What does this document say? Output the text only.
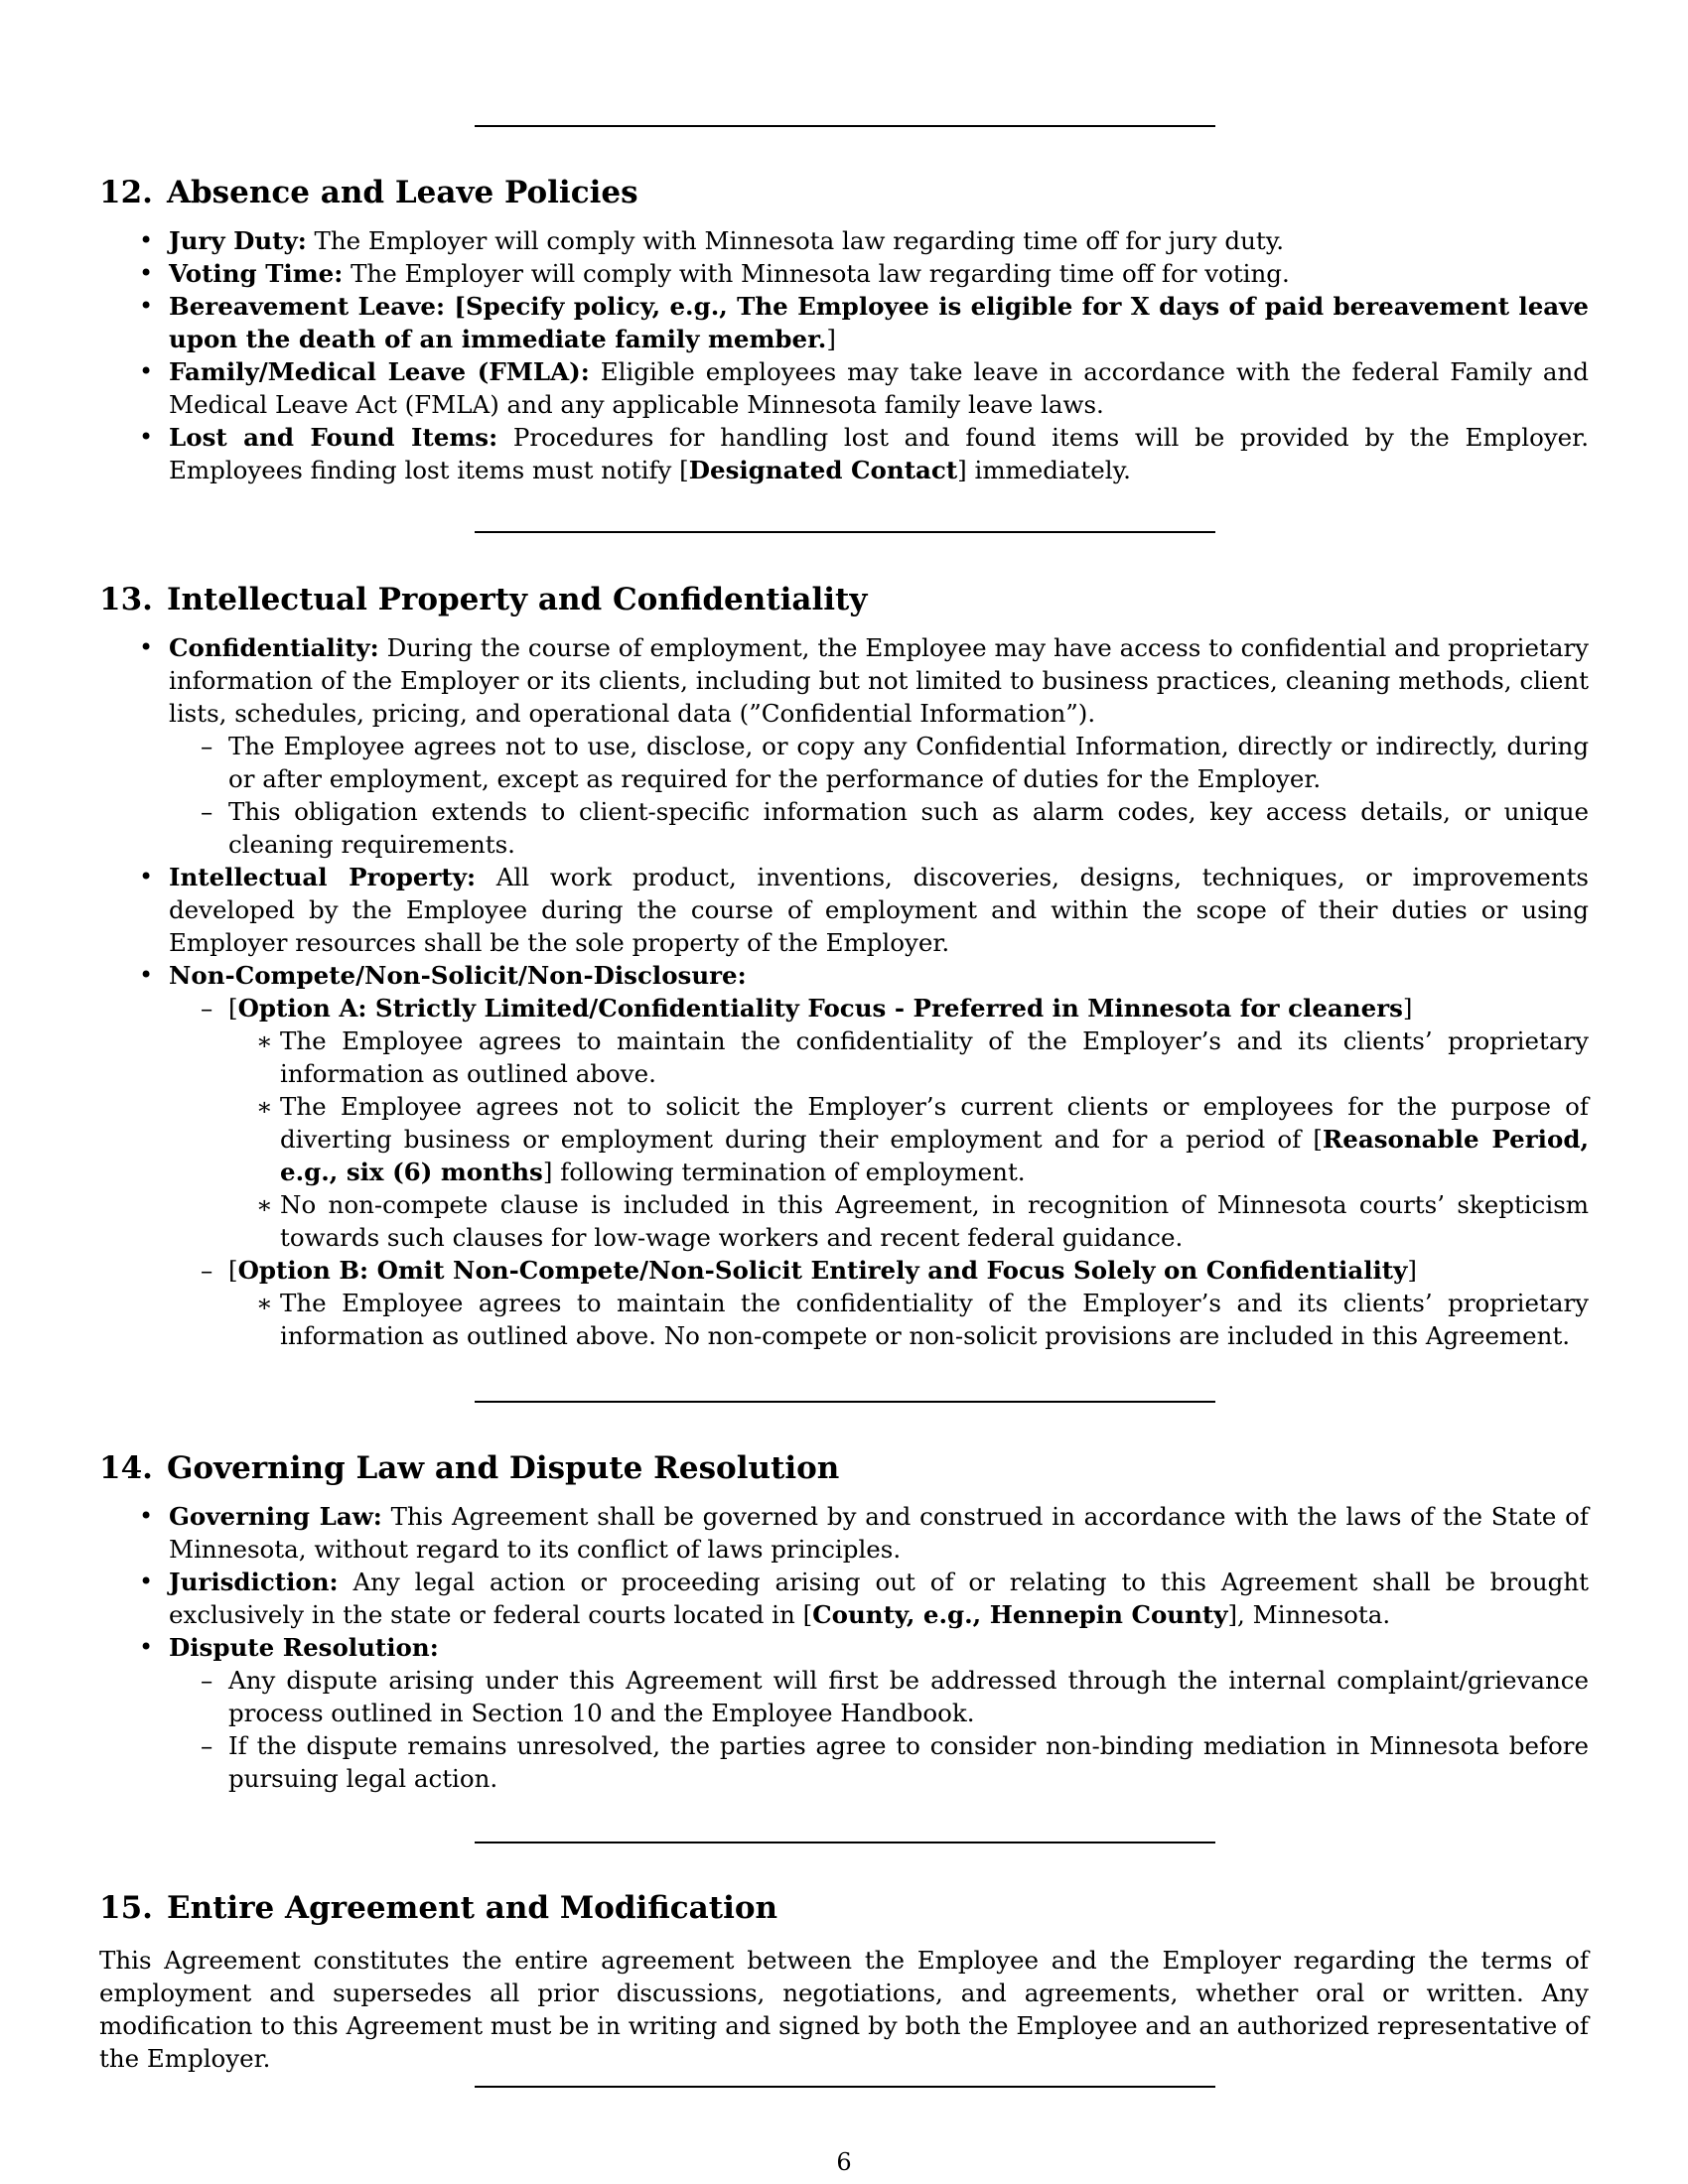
12. Absence and Leave Policies
• Jury Duty: The Employer will comply with Minnesota law regarding time off for jury duty.
• Voting Time: The Employer will comply with Minnesota law regarding time off for voting.
• Bereavement Leave: [Specify policy, e.g., The Employee is eligible for X days of paid bereavement leave upon the death of an immediate family member.]
• Family/Medical Leave (FMLA): Eligible employees may take leave in accordance with the federal Family and Medical Leave Act (FMLA) and any applicable Minnesota family leave laws.
• Lost and Found Items: Procedures for handling lost and found items will be provided by the Employer. Employees finding lost items must notify [Designated Contact] immediately.
13. Intellectual Property and Confidentiality
• Confidentiality: During the course of employment, the Employee may have access to confidential and proprietary information of the Employer or its clients, including but not limited to business practices, cleaning methods, client lists, schedules, pricing, and operational data (”Confidential Information”).
– The Employee agrees not to use, disclose, or copy any Confidential Information, directly or indirectly, during or after employment, except as required for the performance of duties for the Employer.
– This obligation extends to client-specific information such as alarm codes, key access details, or unique cleaning requirements.
• Intellectual Property: All work product, inventions, discoveries, designs, techniques, or improvements developed by the Employee during the course of employment and within the scope of their duties or using Employer resources shall be the sole property of the Employer.
• Non-Compete/Non-Solicit/Non-Disclosure:
– [Option A: Strictly Limited/Confidentiality Focus - Preferred in Minnesota for cleaners]
∗ The Employee agrees to maintain the confidentiality of the Employer’s and its clients’ proprietary information as outlined above.
∗ The Employee agrees not to solicit the Employer’s current clients or employees for the purpose of diverting business or employment during their employment and for a period of [Reasonable Period, e.g., six (6) months] following termination of employment.
∗ No non-compete clause is included in this Agreement, in recognition of Minnesota courts’ skepticism towards such clauses for low-wage workers and recent federal guidance.
– [Option B: Omit Non-Compete/Non-Solicit Entirely and Focus Solely on Confidentiality]
∗ The Employee agrees to maintain the confidentiality of the Employer’s and its clients’ proprietary information as outlined above. No non-compete or non-solicit provisions are included in this Agreement.
14. Governing Law and Dispute Resolution
• Governing Law: This Agreement shall be governed by and construed in accordance with the laws of the State of Minnesota, without regard to its conflict of laws principles.
• Jurisdiction: Any legal action or proceeding arising out of or relating to this Agreement shall be brought exclusively in the state or federal courts located in [County, e.g., Hennepin County], Minnesota.
• Dispute Resolution:
– Any dispute arising under this Agreement will first be addressed through the internal complaint/grievance process outlined in Section 10 and the Employee Handbook.
– If the dispute remains unresolved, the parties agree to consider non-binding mediation in Minnesota before pursuing legal action.
15. Entire Agreement and Modification

This Agreement constitutes the entire agreement between the Employee and the Employer regarding the terms of employment and supersedes all prior discussions, negotiations, and agreements, whether oral or written. Any modification to this Agreement must be in writing and signed by both the Employee and an authorized representative of the Employer.

6
